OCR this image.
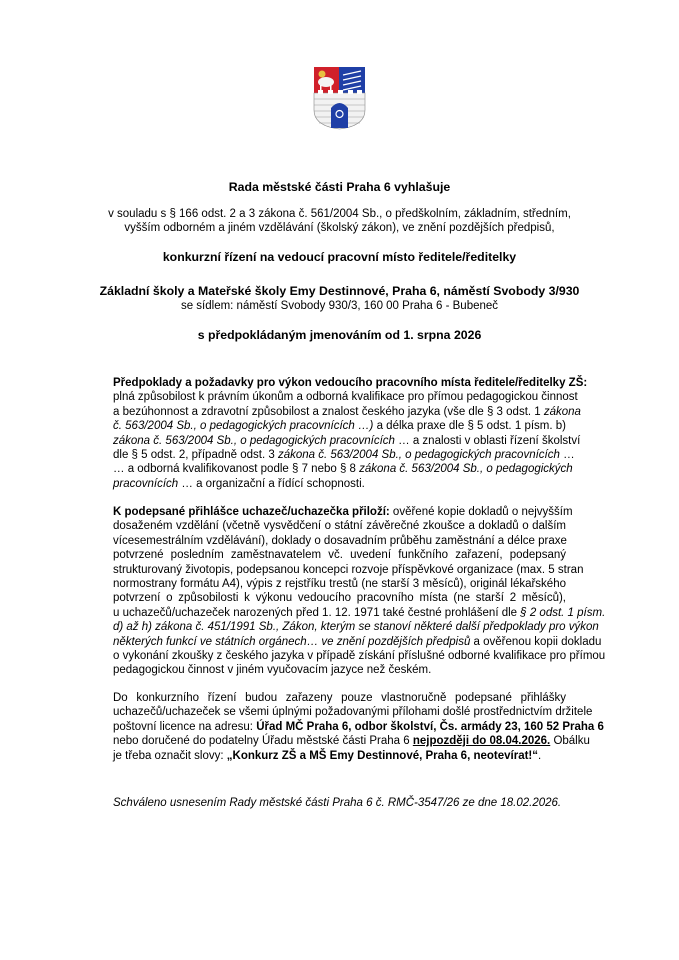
Rada městské části Praha 6 vyhlašuje
v souladu s § 166 odst. 2 a 3 zákona č. 561/2004 Sb., o předškolním, základním, středním,
vyšším odborném a jiném vzdělávání (školský zákon), ve znění pozdějších předpisů,
konkurzní řízení na vedoucí pracovní místo ředitele/ředitelky
Základní školy a Mateřské školy Emy Destinnové, Praha 6, náměstí Svobody 3/930
se sídlem: náměstí Svobody 930/3, 160 00 Praha 6 - Bubeneč
s předpokládaným jmenováním od 1. srpna 2026
Předpoklady a požadavky pro výkon vedoucího pracovního místa ředitele/ředitelky ZŠ:
plná způsobilost k právním úkonům a odborná kvalifikace pro přímou pedagogickou činnost
a bezúhonnost a zdravotní způsobilost a znalost českého jazyka (vše dle § 3 odst. 1 zákona
č. 563/2004 Sb., o pedagogických pracovnících …) a délka praxe dle § 5 odst. 1 písm. b)
zákona č. 563/2004 Sb., o pedagogických pracovnících … a znalosti v oblasti řízení školství
dle § 5 odst. 2, případně odst. 3 zákona č. 563/2004 Sb., o pedagogických pracovnících …
… a odborná kvalifikovanost podle § 7 nebo § 8 zákona č. 563/2004 Sb., o pedagogických
pracovnících … a organizační a řídící schopnosti.
K podepsané přihlášce uchazeč/uchazečka přiloží: ověřené kopie dokladů o nejvyšším
dosaženém vzdělání (včetně vysvědčení o státní závěrečné zkoušce a dokladů o dalším
vícesemestrálním vzdělávání), doklady o dosavadním průběhu zaměstnání a délce praxe
potvrzené posledním zaměstnavatelem vč. uvedení funkčního zařazení, podepsaný
strukturovaný životopis, podepsanou koncepci rozvoje příspěvkové organizace (max. 5 stran
normostrany formátu A4), výpis z rejstříku trestů (ne starší 3 měsíců), originál lékařského
potvrzení o způsobilosti k výkonu vedoucího pracovního místa (ne starší 2 měsíců),
u uchazečů/uchazeček narozených před 1. 12. 1971 také čestné prohlášení dle § 2 odst. 1 písm.
d) až h) zákona č. 451/1991 Sb., Zákon, kterým se stanoví některé další předpoklady pro výkon
některých funkcí ve státních orgánech… ve znění pozdějších předpisů a ověřenou kopii dokladu
o vykonání zkoušky z českého jazyka v případě získání příslušné odborné kvalifikace pro přímou
pedagogickou činnost v jiném vyučovacím jazyce než českém.
Do konkurzního řízení budou zařazeny pouze vlastnoručně podepsané přihlášky
uchazečů/uchazeček se všemi úplnými požadovanými přílohami došlé prostřednictvím držitele
poštovní licence na adresu: Úřad MČ Praha 6, odbor školství, Čs. armády 23, 160 52 Praha 6
nebo doručené do podatelny Úřadu městské části Praha 6 nejpozději do 08.04.2026. Obálku
je třeba označit slovy: „Konkurz ZŠ a MŠ Emy Destinnové, Praha 6, neotevírat!“.
Schváleno usnesením Rady městské části Praha 6 č. RMČ-3547/26 ze dne 18.02.2026.
